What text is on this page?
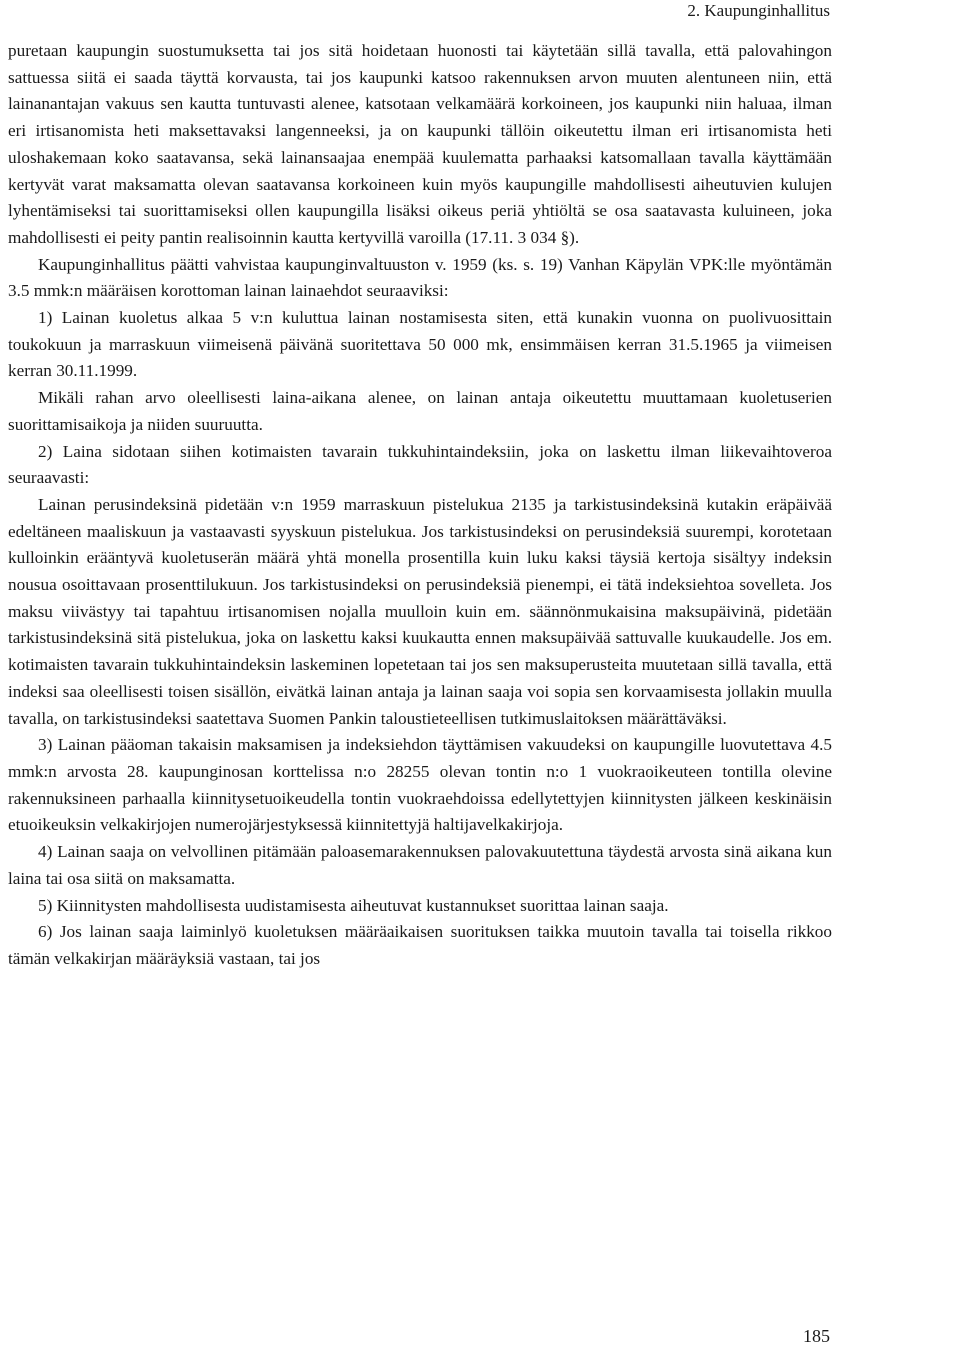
2. Kaupunginhallitus

puretaan kaupungin suostumuksetta tai jos sitä hoidetaan huonosti tai käytetään sillä tavalla, että palovahingon sattuessa siitä ei saada täyttä korvausta, tai jos kaupunki katsoo rakennuksen arvon muuten alentuneen niin, että lainanantajan vakuus sen kautta tuntuvasti alenee, katsotaan velkamäärä korkoineen, jos kaupunki niin haluaa, ilman eri irtisanomista heti maksettavaksi langenneeksi, ja on kaupunki tällöin oikeutettu ilman eri irtisanomista heti uloshakemaan koko saatavansa, sekä lainansaajaa enempää kuulematta parhaaksi katsomallaan tavalla käyttämään kertyvät varat maksamatta olevan saatavansa korkoineen kuin myös kaupungille mahdollisesti aiheutuvien kulujen lyhentämiseksi tai suorittamiseksi ollen kaupungilla lisäksi oikeus periä yhtiöltä se osa saatavasta kuluineen, joka mahdollisesti ei peity pantin realisoinnin kautta kertyvillä varoilla (17.11. 3 034 §).

Kaupunginhallitus päätti vahvistaa kaupunginvaltuuston v. 1959 (ks. s. 19) Vanhan Käpylän VPK:lle myöntämän 3.5 mmk:n määräisen korottoman lainan lainaehdot seuraaviksi:

1) Lainan kuoletus alkaa 5 v:n kuluttua lainan nostamisesta siten, että kunakin vuonna on puolivuosittain toukokuun ja marraskuun viimeisenä päivänä suoritettava 50 000 mk, ensimmäisen kerran 31.5.1965 ja viimeisen kerran 30.11.1999.

Mikäli rahan arvo oleellisesti laina-aikana alenee, on lainan antaja oikeutettu muuttamaan kuoletuserien suorittamisaikoja ja niiden suuruutta.

2) Laina sidotaan siihen kotimaisten tavarain tukkuhintaindeksiin, joka on laskettu ilman liikevaihtoveroa seuraavasti:

Lainan perusindeksinä pidetään v:n 1959 marraskuun pistelukua 2135 ja tarkistusindeksinä kutakin eräpäivää edeltäneen maaliskuun ja vastaavasti syyskuun pistelukua. Jos tarkistusindeksi on perusindeksiä suurempi, korotetaan kulloinkin erääntyvä kuoletuserän määrä yhtä monella prosentilla kuin luku kaksi täysiä kertoja sisältyy indeksin nousua osoittavaan prosenttilukuun. Jos tarkistusindeksi on perusindeksiä pienempi, ei tätä indeksiehtoa sovelleta. Jos maksu viivästyy tai tapahtuu irtisanomisen nojalla muulloin kuin em. säännönmukaisina maksupäivinä, pidetään tarkistusindeksinä sitä pistelukua, joka on laskettu kaksi kuukautta ennen maksupäivää sattuvalle kuukaudelle. Jos em. kotimaisten tavarain tukkuhintaindeksin laskeminen lopetetaan tai jos sen maksuperusteita muutetaan sillä tavalla, että indeksi saa oleellisesti toisen sisällön, eivätkä lainan antaja ja lainan saaja voi sopia sen korvaamisesta jollakin muulla tavalla, on tarkistusindeksi saatettava Suomen Pankin taloustieteellisen tutkimuslaitoksen määrättäväksi.

3) Lainan pääoman takaisin maksamisen ja indeksiehdon täyttämisen vakuudeksi on kaupungille luovutettava 4.5 mmk:n arvosta 28. kaupunginosan korttelissa n:o 28255 olevan tontin n:o 1 vuokraoikeuteen tontilla olevine rakennuksineen parhaalla kiinnitysetuoikeudella tontin vuokraehdoissa edellytettyjen kiinnitysten jälkeen keskinäisin etuoikeuksin velkakirjojen numerojärjestyksessä kiinnitettyjä haltijavelkakirjoja.

4) Lainan saaja on velvollinen pitämään paloasemarakennuksen palovakuutettuna täydestä arvosta sinä aikana kun laina tai osa siitä on maksamatta.

5) Kiinnitysten mahdollisesta uudistamisesta aiheutuvat kustannukset suorittaa lainan saaja.

6) Jos lainan saaja laiminlyö kuoletuksen määräaikaisen suorituksen taikka muutoin tavalla tai toisella rikkoo tämän velkakirjan määräyksiä vastaan, tai jos

185
